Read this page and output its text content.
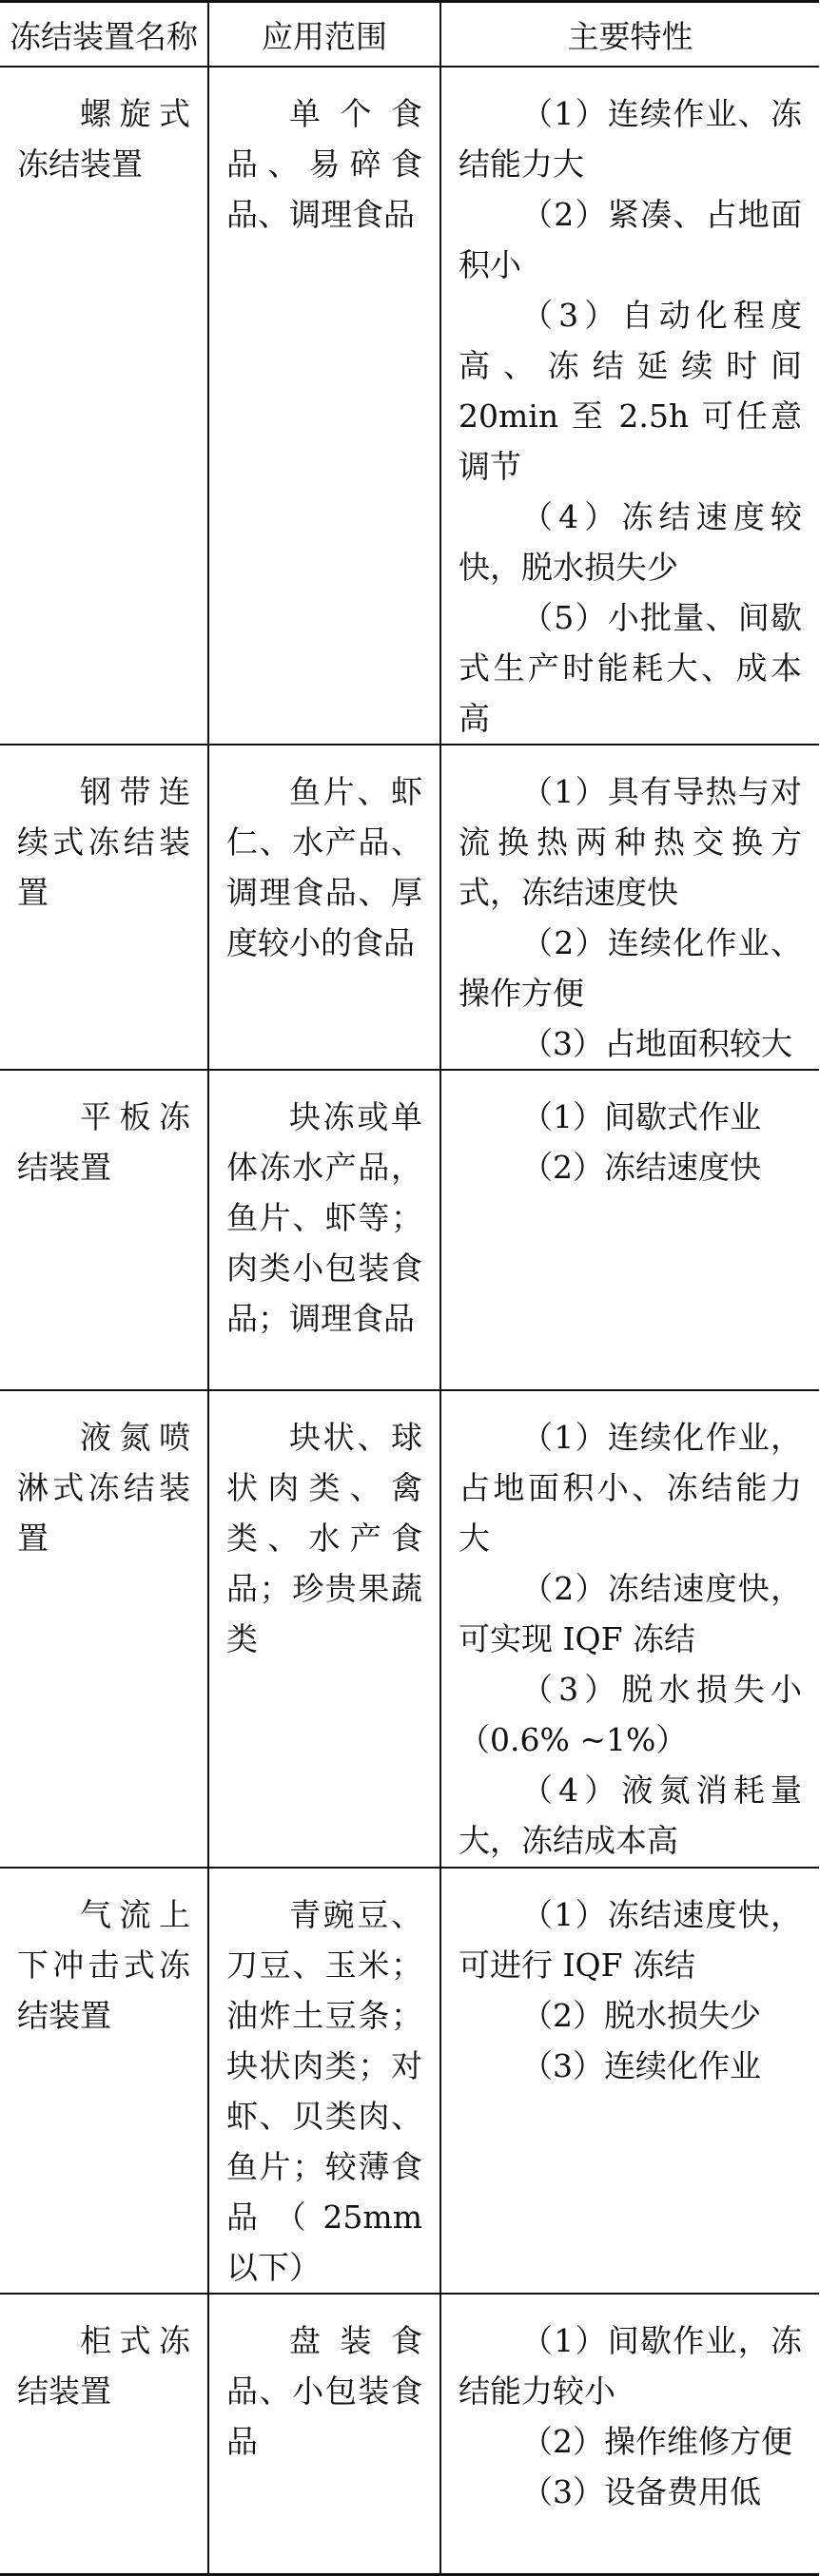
冻结装置名称	应用范围	主要特性

螺旋式冻结装置	单个食品、易碎食品、调理食品	（1）连续作业、冻结能力大

（2）紧凑、占地面积小

（3）自动化程度高、冻结延续时间 20min 至 2.5h 可任意调节

（4）冻结速度较快，脱水损失少

（5）小批量、间歇式生产时能耗大、成本高

钢带连续式冻结装置	鱼片、虾仁、水产品、调理食品、厚度较小的食品	（1）具有导热与对流换热两种热交换方式，冻结速度快

（2）连续化作业、操作方便

（3）占地面积较大

平板冻结装置	块冻或单体冻水产品，鱼片、虾等；肉类小包装食品；调理食品	（1）间歇式作业

（2）冻结速度快

液氮喷淋式冻结装置	块状、球状肉类、禽类、水产食品；珍贵果蔬类	（1）连续化作业，占地面积小、冻结能力大

（2）冻结速度快，可实现 IQF 冻结

（3）脱水损失小（0.6% ~1%）

（4）液氮消耗量大，冻结成本高

气流上下冲击式冻结装置	青豌豆、刀豆、玉米；油炸土豆条；块状肉类；对虾、贝类肉、鱼片；较薄食品（25mm 以下）	（1）冻结速度快，可进行 IQF 冻结

（2）脱水损失少

（3）连续化作业

柜式冻结装置	盘装食品、小包装食品	（1）间歇作业，冻结能力较小

（2）操作维修方便

（3）设备费用低
